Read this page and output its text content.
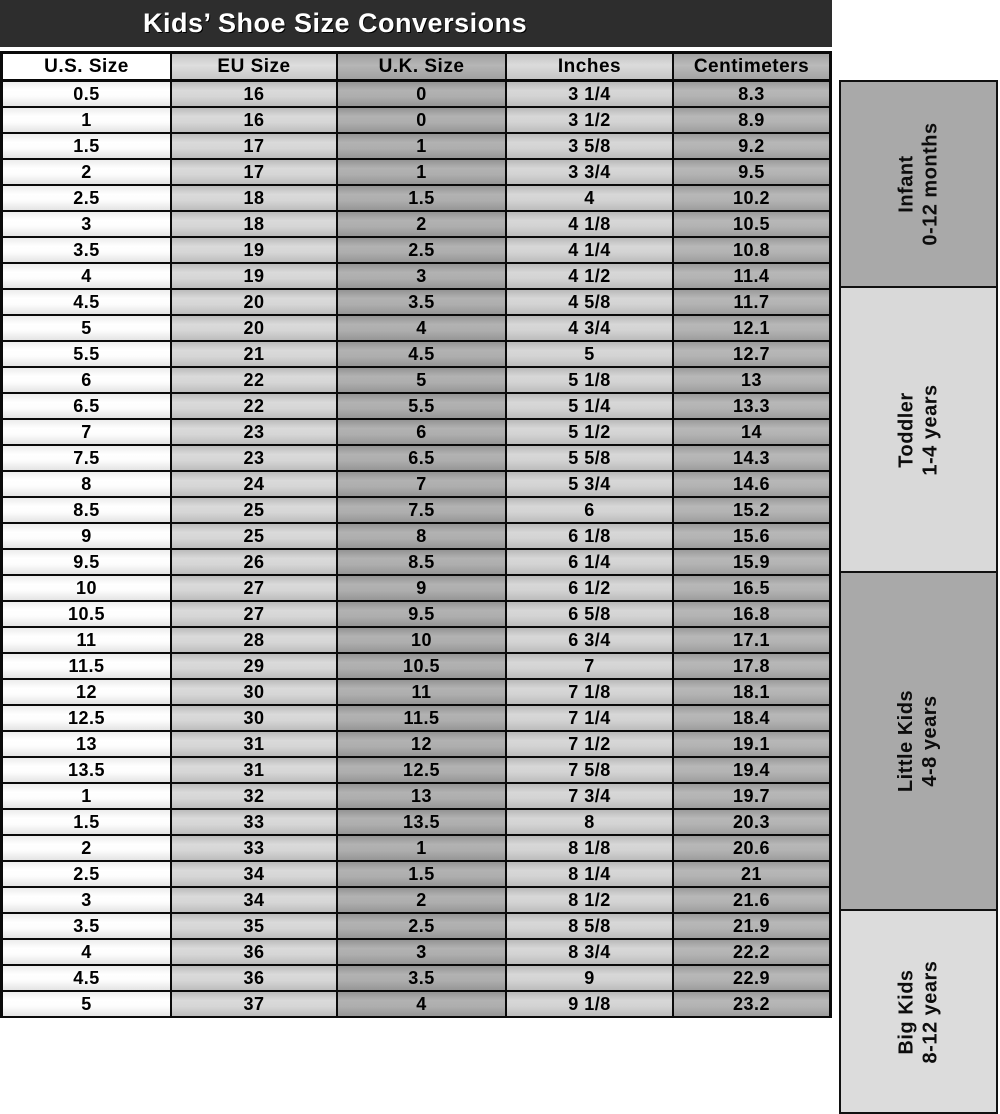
Kids’ Shoe Size Conversions
U.S. Size	EU Size	U.K. Size	Inches	Centimeters
0.5	16	0	3 1/4	8.3
1	16	0	3 1/2	8.9
1.5	17	1	3 5/8	9.2
2	17	1	3 3/4	9.5
2.5	18	1.5	4	10.2
3	18	2	4 1/8	10.5
3.5	19	2.5	4 1/4	10.8
4	19	3	4 1/2	11.4
4.5	20	3.5	4 5/8	11.7
5	20	4	4 3/4	12.1
5.5	21	4.5	5	12.7
6	22	5	5 1/8	13
6.5	22	5.5	5 1/4	13.3
7	23	6	5 1/2	14
7.5	23	6.5	5 5/8	14.3
8	24	7	5 3/4	14.6
8.5	25	7.5	6	15.2
9	25	8	6 1/8	15.6
9.5	26	8.5	6 1/4	15.9
10	27	9	6 1/2	16.5
10.5	27	9.5	6 5/8	16.8
11	28	10	6 3/4	17.1
11.5	29	10.5	7	17.8
12	30	11	7 1/8	18.1
12.5	30	11.5	7 1/4	18.4
13	31	12	7 1/2	19.1
13.5	31	12.5	7 5/8	19.4
1	32	13	7 3/4	19.7
1.5	33	13.5	8	20.3
2	33	1	8 1/8	20.6
2.5	34	1.5	8 1/4	21
3	34	2	8 1/2	21.6
3.5	35	2.5	8 5/8	21.9
4	36	3	8 3/4	22.2
4.5	36	3.5	9	22.9
5	37	4	9 1/8	23.2
Infant 0-12 months
Toddler 1-4 years
Little Kids 4-8 years
Big Kids 8-12 years
